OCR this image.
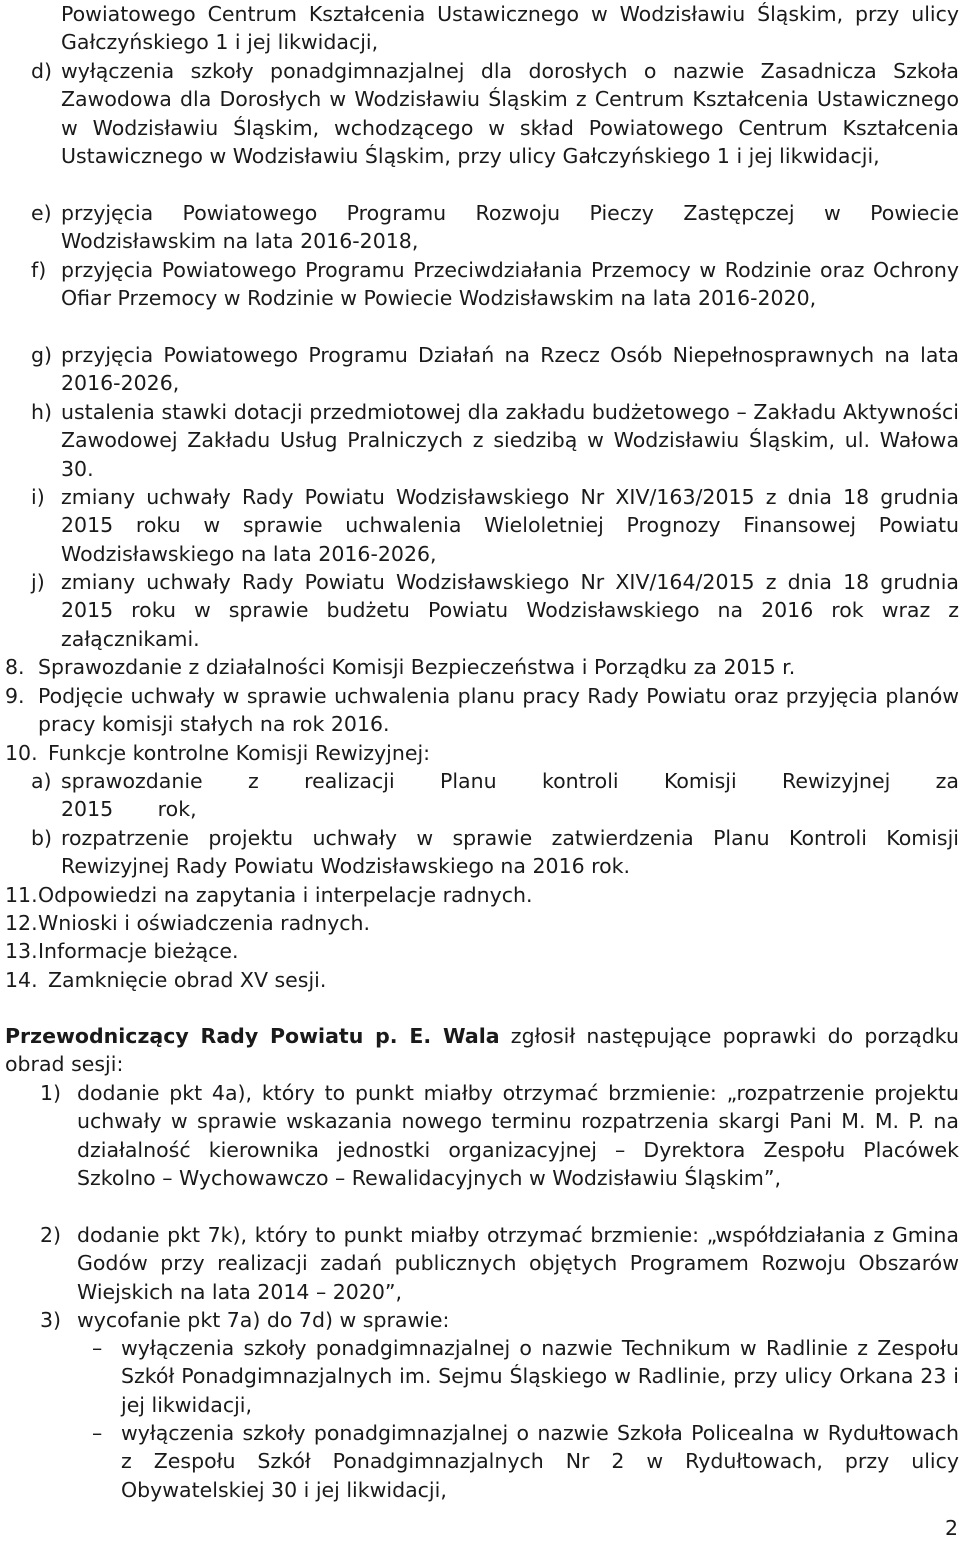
Powiatowego Centrum Kształcenia Ustawicznego w Wodzisławiu Śląskim, przy ulicy Gałczyńskiego 1 i jej likwidacji,
d) wyłączenia szkoły ponadgimnazjalnej dla dorosłych o nazwie Zasadnicza Szkoła Zawodowa dla Dorosłych w Wodzisławiu Śląskim z Centrum Kształcenia Ustawicznego w Wodzisławiu Śląskim, wchodzącego w skład Powiatowego Centrum Kształcenia Ustawicznego w Wodzisławiu Śląskim, przy ulicy Gałczyńskiego 1 i jej likwidacji,
e) przyjęcia Powiatowego Programu Rozwoju Pieczy Zastępczej w Powiecie Wodzisławskim na lata 2016-2018,
f) przyjęcia Powiatowego Programu Przeciwdziałania Przemocy w Rodzinie oraz Ochrony Ofiar Przemocy w Rodzinie w Powiecie Wodzisławskim na lata 2016-2020,
g) przyjęcia Powiatowego Programu Działań na Rzecz Osób Niepełnosprawnych na lata 2016-2026,
h) ustalenia stawki dotacji przedmiotowej dla zakładu budżetowego – Zakładu Aktywności Zawodowej Zakładu Usług Pralniczych z siedzibą w Wodzisławiu Śląskim, ul. Wałowa 30.
i) zmiany uchwały Rady Powiatu Wodzisławskiego Nr XIV/163/2015 z dnia 18 grudnia 2015 roku w sprawie uchwalenia Wieloletniej Prognozy Finansowej Powiatu Wodzisławskiego na lata 2016-2026,
j) zmiany uchwały Rady Powiatu Wodzisławskiego Nr XIV/164/2015 z dnia 18 grudnia 2015 roku w sprawie budżetu Powiatu Wodzisławskiego na 2016 rok wraz z załącznikami.
8. Sprawozdanie z działalności Komisji Bezpieczeństwa i Porządku za 2015 r.
9. Podjęcie uchwały w sprawie uchwalenia planu pracy Rady Powiatu oraz przyjęcia planów pracy komisji stałych na rok 2016.
10. Funkcje kontrolne Komisji Rewizyjnej:
a) sprawozdanie z realizacji Planu kontroli Komisji Rewizyjnej za 2015 rok,
b) rozpatrzenie projektu uchwały w sprawie zatwierdzenia Planu Kontroli Komisji Rewizyjnej Rady Powiatu Wodzisławskiego na 2016 rok.
11. Odpowiedzi na zapytania i interpelacje radnych.
12. Wnioski i oświadczenia radnych.
13. Informacje bieżące.
14. Zamknięcie obrad XV sesji.
Przewodniczący Rady Powiatu p. E. Wala zgłosił następujące poprawki do porządku obrad sesji:
1) dodanie pkt 4a), który to punkt miałby otrzymać brzmienie: „rozpatrzenie projektu uchwały w sprawie wskazania nowego terminu rozpatrzenia skargi Pani M. M. P. na działalność kierownika jednostki organizacyjnej – Dyrektora Zespołu Placówek Szkolno – Wychowawczo – Rewalidacyjnych w Wodzisławiu Śląskim”,
2) dodanie pkt 7k), który to punkt miałby otrzymać brzmienie: „współdziałania z Gmina Godów przy realizacji zadań publicznych objętych Programem Rozwoju Obszarów Wiejskich na lata 2014 – 2020”,
3) wycofanie pkt 7a) do 7d) w sprawie:
– wyłączenia szkoły ponadgimnazjalnej o nazwie Technikum w Radlinie z Zespołu Szkół Ponadgimnazjalnych im. Sejmu Śląskiego w Radlinie, przy ulicy Orkana 23 i jej likwidacji,
– wyłączenia szkoły ponadgimnazjalnej o nazwie Szkoła Policealna w Rydułtowach z Zespołu Szkół Ponadgimnazjalnych Nr 2 w Rydułtowach, przy ulicy Obywatelskiej 30 i jej likwidacji,
2
